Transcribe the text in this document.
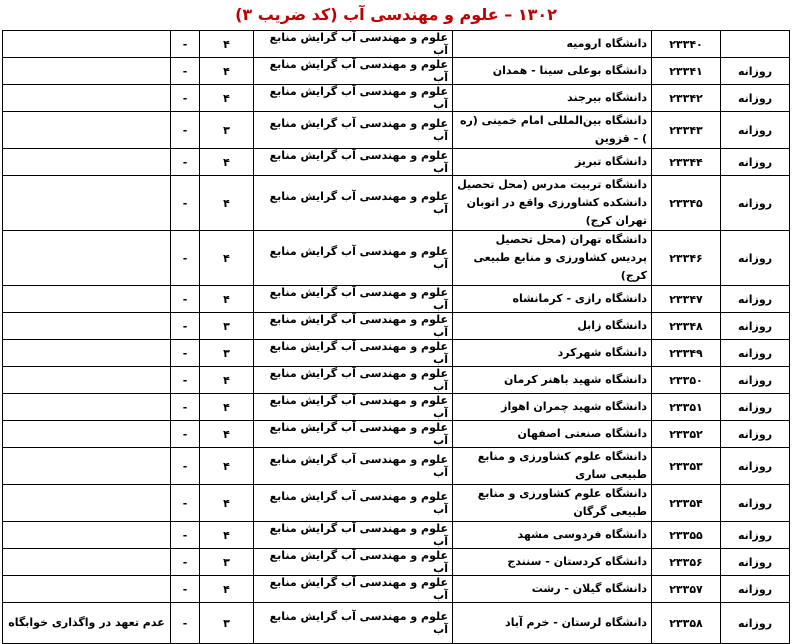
۱۳۰۲ – علوم و مهندسی آب (کد ضریب ۳)
	۲۳۳۴۰	دانشگاه ارومیه	علوم و مهندسی آب گرایش منابع آب	۴	-	
روزانه	۲۳۳۴۱	دانشگاه بوعلی سینا - همدان	علوم و مهندسی آب گرایش منابع آب	۴	-	
روزانه	۲۳۳۴۲	دانشگاه بیرجند	علوم و مهندسی آب گرایش منابع آب	۴	-	
روزانه	۲۳۳۴۳	دانشگاه بین‌المللی امام خمینی (ره ) - قزوین	علوم و مهندسی آب گرایش منابع آب	۳	-	
روزانه	۲۳۳۴۴	دانشگاه تبریز	علوم و مهندسی آب گرایش منابع آب	۴	-	
روزانه	۲۳۳۴۵	دانشگاه تربیت مدرس (محل تحصیل دانشکده کشاورزی واقع در اتوبان تهران کرج)	علوم و مهندسی آب گرایش منابع آب	۴	-	
روزانه	۲۳۳۴۶	دانشگاه تهران (محل تحصیل پردیس کشاورزی و منابع طبیعی کرج)	علوم و مهندسی آب گرایش منابع آب	۴	-	
روزانه	۲۳۳۴۷	دانشگاه رازی - کرمانشاه	علوم و مهندسی آب گرایش منابع آب	۴	-	
روزانه	۲۳۳۴۸	دانشگاه زابل	علوم و مهندسی آب گرایش منابع آب	۳	-	
روزانه	۲۳۳۴۹	دانشگاه شهرکرد	علوم و مهندسی آب گرایش منابع آب	۳	-	
روزانه	۲۳۳۵۰	دانشگاه شهید باهنر کرمان	علوم و مهندسی آب گرایش منابع آب	۴	-	
روزانه	۲۳۳۵۱	دانشگاه شهید چمران اهواز	علوم و مهندسی آب گرایش منابع آب	۴	-	
روزانه	۲۳۳۵۲	دانشگاه صنعتی اصفهان	علوم و مهندسی آب گرایش منابع آب	۴	-	
روزانه	۲۳۳۵۳	دانشگاه علوم کشاورزی و منابع طبیعی ساری	علوم و مهندسی آب گرایش منابع آب	۴	-	
روزانه	۲۳۳۵۴	دانشگاه علوم کشاورزی و منابع طبیعی گرگان	علوم و مهندسی آب گرایش منابع آب	۴	-	
روزانه	۲۳۳۵۵	دانشگاه فردوسی مشهد	علوم و مهندسی آب گرایش منابع آب	۴	-	
روزانه	۲۳۳۵۶	دانشگاه کردستان - سنندج	علوم و مهندسی آب گرایش منابع آب	۳	-	
روزانه	۲۳۳۵۷	دانشگاه گیلان - رشت	علوم و مهندسی آب گرایش منابع آب	۴	-	
روزانه	۲۳۳۵۸	دانشگاه لرستان - خرم آباد	علوم و مهندسی آب گرایش منابع آب	۳	-	عدم تعهد در واگذاری خوابگاه
